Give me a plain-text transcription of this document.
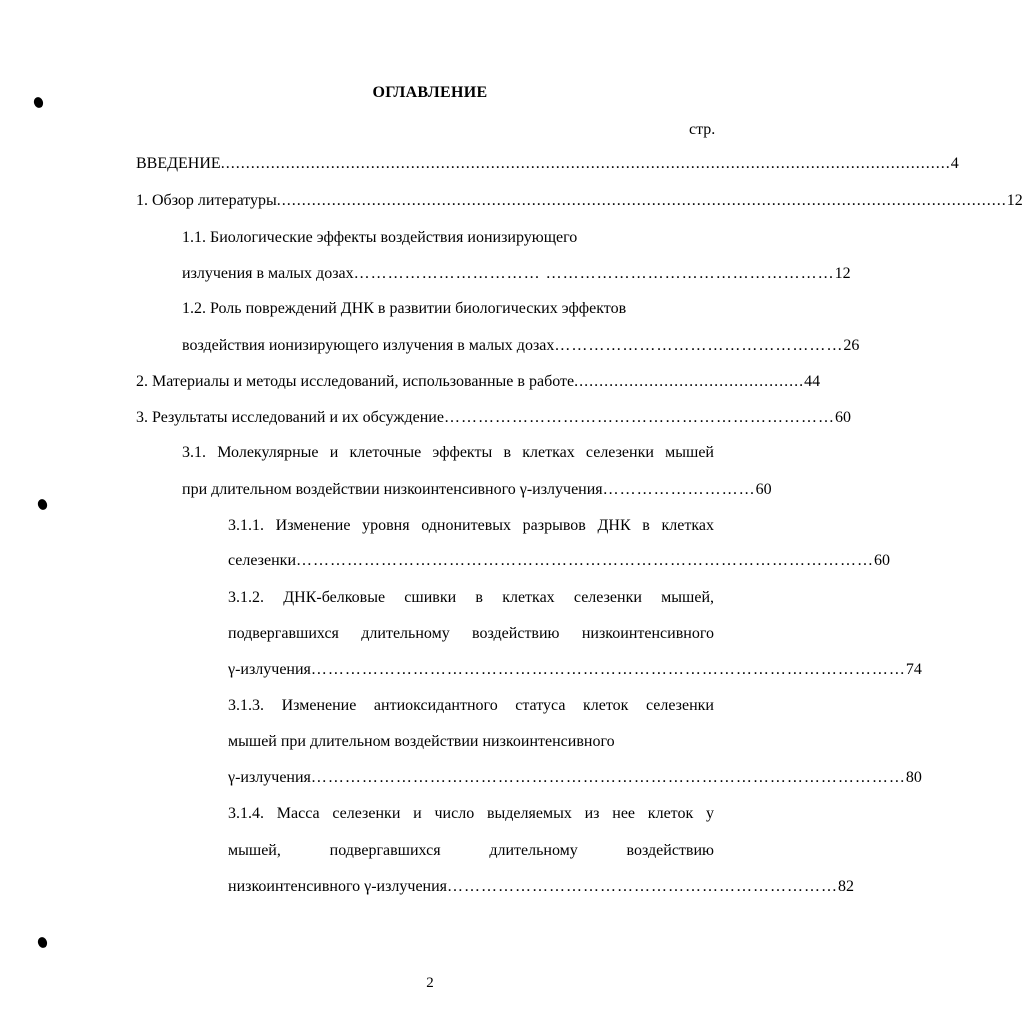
ОГЛАВЛЕНИЕ
стр.
ВВЕДЕНИЕ .................................................................................................................................................. 4
1. Обзор литературы .................................................................................................................................................. 12
1.1. Биологические эффекты воздействия ионизирующего
излучения в малых дозах …………………………… …………………………………………… 12
1.2. Роль повреждений ДНК в развитии биологических эффектов
воздействия ионизирующего излучения в малых дозах …………………………………………… 26
2. Материалы и методы исследований, использованные в работе .............................................. 44
3. Результаты исследований и их обсуждение …………………………………………………………… 60
3.1. Молекулярные и клеточные эффекты в клетках селезенки мышей
при длительном воздействии низкоинтенсивного γ-излучения ……………………… 60
3.1.1. Изменение уровня однонитевых разрывов ДНК в клетках
селезенки ………………………………………………………………………………………… 60
3.1.2. ДНК-белковые сшивки в клетках селезенки мышей,
подвергавшихся длительному воздействию низкоинтенсивного
γ-излучения …………………………………………………………………………………………… 74
3.1.3. Изменение антиоксидантного статуса клеток селезенки
мышей при длительном воздействии низкоинтенсивного
γ-излучения …………………………………………………………………………………………… 80
3.1.4. Масса селезенки и число выделяемых из нее клеток у
мышей, подвергавшихся длительному воздействию
низкоинтенсивного γ-излучения …………………………………………………………… 82
2
